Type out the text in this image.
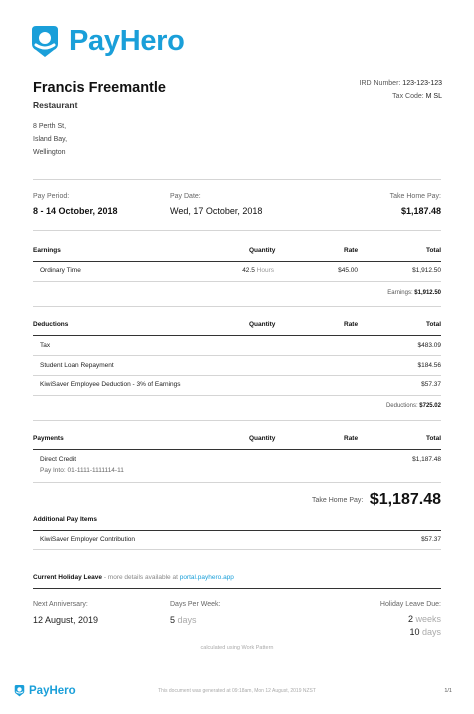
PayHero
Francis Freemantle
Restaurant
8 Perth St,
Island Bay,
Wellington
IRD Number: 123-123-123
Tax Code: M SL
Pay Period:
8 - 14 October, 2018
Pay Date:
Wed, 17 October, 2018
Take Home Pay:
$1,187.48
Earnings	Quantity	Rate	Total
Ordinary Time	42.5 Hours	$45.00	$1,912.50
Earnings: $1,912.50
Deductions	Quantity	Rate	Total
Tax	$483.09
Student Loan Repayment	$184.56
KiwiSaver Employee Deduction - 3% of Earnings	$57.37
Deductions: $725.02
Payments	Quantity	Rate	Total
Direct Credit	$1,187.48
Pay Into: 01-1111-1111114-11
Take Home Pay: $1,187.48
Additional Pay Items
KiwiSaver Employer Contribution	$57.37
Current Holiday Leave - more details available at portal.payhero.app
Next Anniversary:
12 August, 2019
Days Per Week:
5 days
Holiday Leave Due:
2 weeks
10 days
calculated using Work Pattern
PayHero	This document was generated at 09:18am, Mon 12 August, 2019 NZST	1/1
